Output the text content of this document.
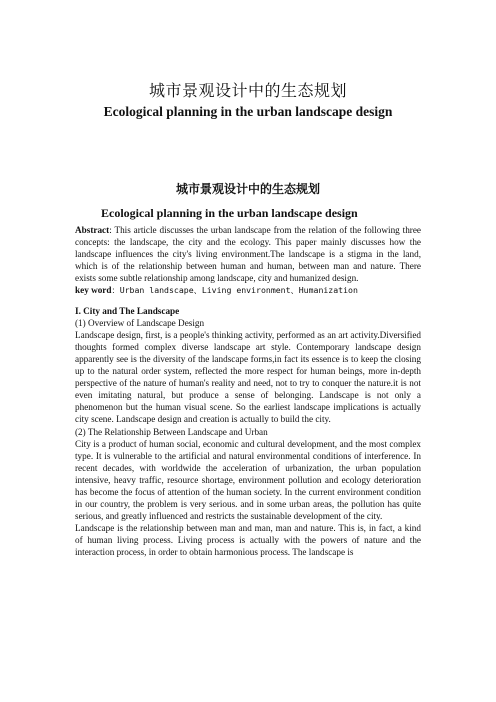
城市景观设计中的生态规划
Ecological planning in the urban landscape design
城市景观设计中的生态规划
Ecological planning in the urban landscape design

Abstract: This article discusses the urban landscape from the relation of the following three concepts: the landscape, the city and the ecology. This paper mainly discusses how the landscape influences the city's living environment.The landscape is a stigma in the land, which is of the relationship between human and human, between man and nature. There exists some subtle relationship among landscape, city and humanized design.

key word：Urban landscape、Living environment、Humanization

I. City and The Landscape

(1) Overview of Landscape Design

Landscape design, first, is a people's thinking activity, performed as an art activity.Diversified thoughts formed complex diverse landscape art style. Contemporary landscape design apparently see is the diversity of the landscape forms,in fact its essence is to keep the closing up to the natural order system, reflected the more respect for human beings, more in-depth perspective of the nature of human's reality and need, not to try to conquer the nature.it is not even imitating natural, but produce a sense of belonging. Landscape is not only a phenomenon but the human visual scene. So the earliest landscape implications is actually city scene. Landscape design and creation is actually to build the city.

(2) The Relationship Between Landscape and Urban

City is a product of human social, economic and cultural development, and the most complex type. It is vulnerable to the artificial and natural environmental conditions of interference. In recent decades, with worldwide the acceleration of urbanization, the urban population intensive, heavy traffic, resource shortage, environment pollution and ecology deterioration has become the focus of attention of the human society. In the current environment condition in our country, the problem is very serious. and in some urban areas, the pollution has quite serious, and greatly influenced and restricts the sustainable development of the city.

Landscape is the relationship between man and man, man and nature. This is, in fact, a kind of human living process. Living process is actually with the powers of nature and the interaction process, in order to obtain harmonious process. The landscape is
